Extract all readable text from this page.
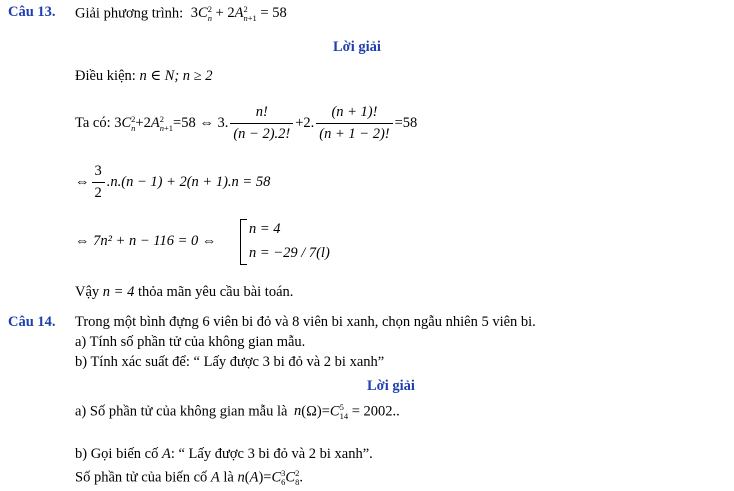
Câu 13. Giải phương trình: 3C2
n + 2A2
n+1 = 58
Lời giải
Điều kiện: n ∈ N; n ≥ 2
Ta có: 3C2
n+2A2
n+1=58 ⇔ 3. $\frac{n!}{(n - 2).2!} +2$. $\frac{(n + 1)!}{(n + 1 - 2)!} =58$
⇔ $\frac{3}{2} .n.(n - 1) + 2(n + 1).n = 58$
⇔ 7n² + n − 116 = 0 ⇔
n = 4
n = −29 / 7(l)
Vậy n = 4 thỏa mãn yêu cầu bài toán.
Câu 14. Trong một bình đựng 6 viên bi đỏ và 8 viên bi xanh, chọn ngẫu nhiên 5 viên bi.
a) Tính số phần tử của không gian mẫu.
b) Tính xác suất để: “ Lấy được 3 bi đỏ và 2 bi xanh”
Lời giải
a) Số phần tử của không gian mẫu là n(Ω)=C5
14 = 2002..
b) Gọi biến cố A: “ Lấy được 3 bi đỏ và 2 bi xanh”.
Số phần tử của biến cố A là n(A)=C3
6C2
8.
